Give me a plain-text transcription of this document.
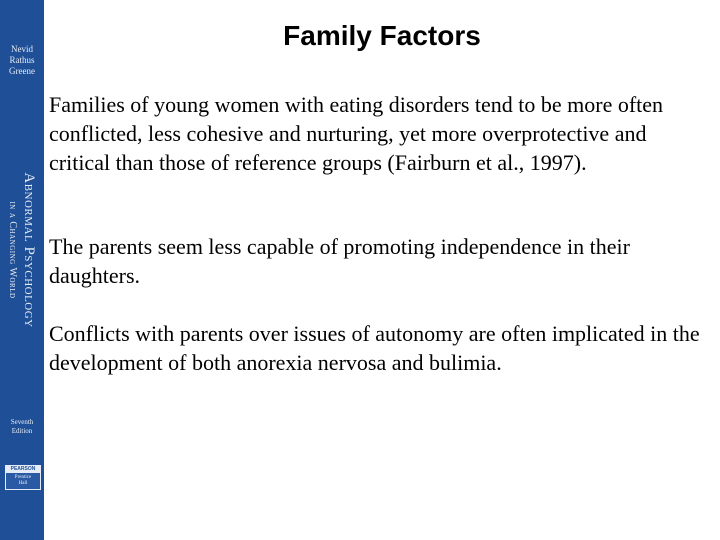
Nevid
Rathus
Greene
Abnormal Psychology
in a Changing World
Seventh
Edition
PEARSON
Prentice
Hall
Family Factors

Families of young women with eating disorders tend to be more often conflicted, less cohesive and nurturing, yet more overprotective and critical than those of reference groups (Fairburn et al., 1997).

The parents seem less capable of promoting independence in their daughters.

Conflicts with parents over issues of autonomy are often implicated in the development of both anorexia nervosa and bulimia.
